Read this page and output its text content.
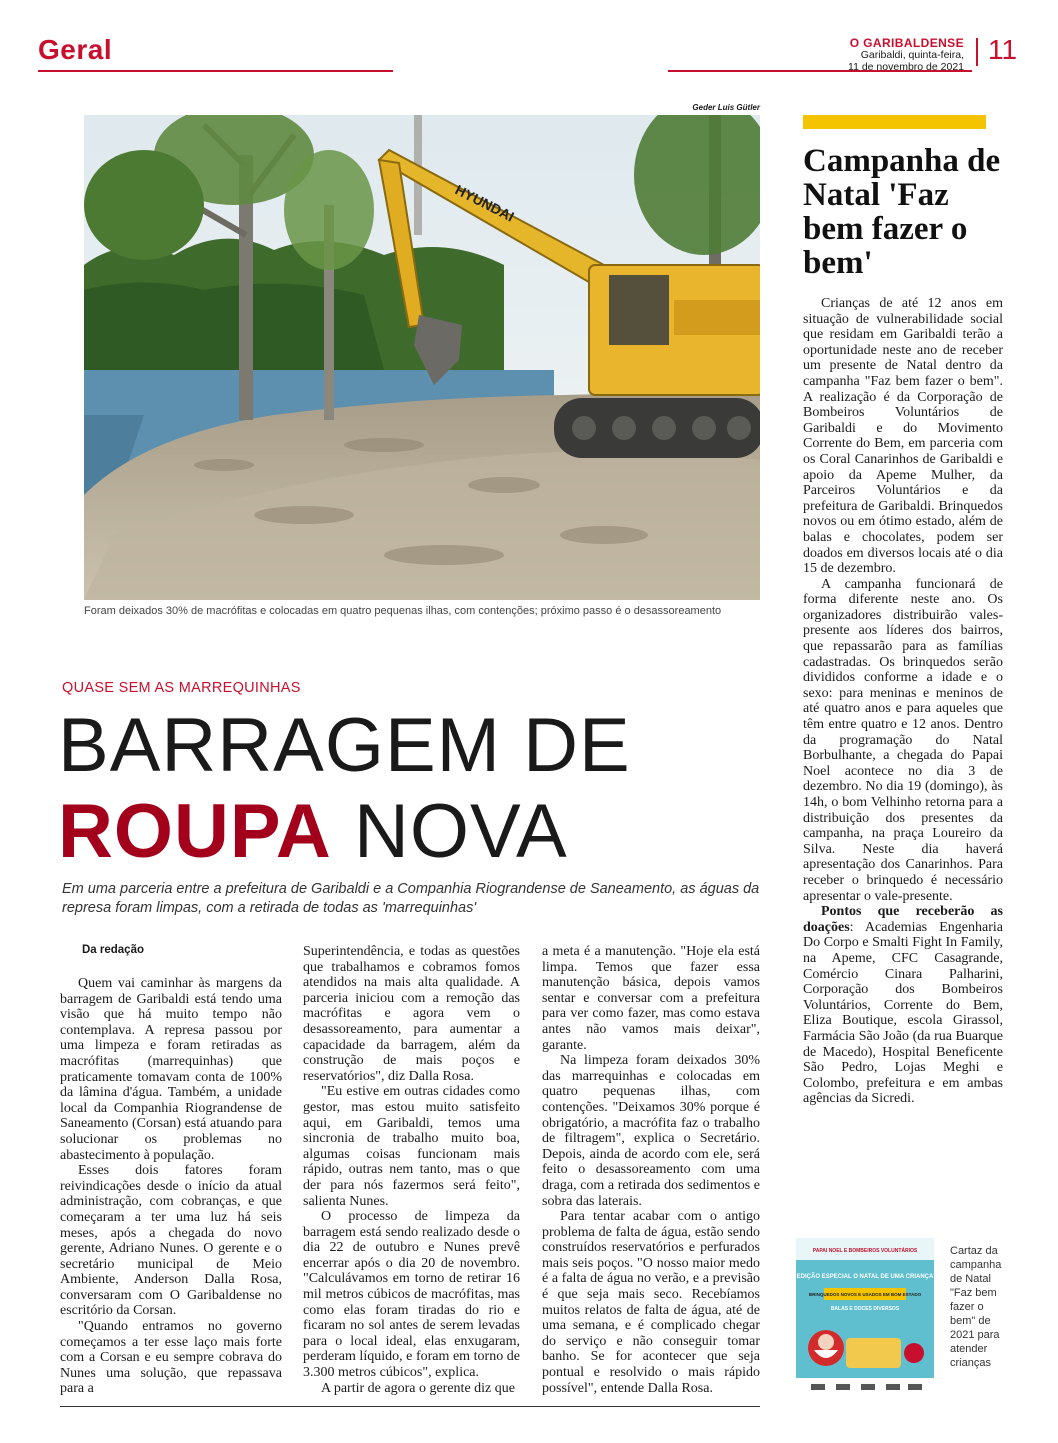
Geral	O GARIBALDENSE
Garibaldi, quinta-feira,
11 de novembro de 2021
11
Geder Luis Gütler
HYUNDAI
Foram deixados 30% de macrófitas e colocadas em quatro pequenas ilhas, com contenções; próximo passo é o desassoreamento
QUASE SEM AS MARREQUINHAS
BARRAGEM DE
ROUPA NOVA
Em uma parceria entre a prefeitura de Garibaldi e a Companhia Riograndense de Saneamento, as águas da represa foram limpas, com a retirada de todas as 'marrequinhas'
Da redação

Quem vai caminhar às margens da barragem de Garibaldi está tendo uma visão que há muito tempo não contemplava. A represa passou por uma limpeza e foram retiradas as macrófitas (marrequinhas) que praticamente tomavam conta de 100% da lâmina d'água. Também, a unidade local da Companhia Riograndense de Saneamento (Corsan) está atuando para solucionar os problemas no abastecimento à população.

Esses dois fatores foram reivindicações desde o início da atual administração, com cobranças, e que começaram a ter uma luz há seis meses, após a chegada do novo gerente, Adriano Nunes. O gerente e o secretário municipal de Meio Ambiente, Anderson Dalla Rosa, conversaram com O Garibaldense no escritório da Corsan.

"Quando entramos no governo começamos a ter esse laço mais forte com a Corsan e eu sempre cobrava do Nunes uma solução, que repassava para a

Superintendência, e todas as questões que trabalhamos e cobramos fomos atendidos na mais alta qualidade. A parceria iniciou com a remoção das macrófitas e agora vem o desassoreamento, para aumentar a capacidade da barragem, além da construção de mais poços e reservatórios", diz Dalla Rosa.

"Eu estive em outras cidades como gestor, mas estou muito satisfeito aqui, em Garibaldi, temos uma sincronia de trabalho muito boa, algumas coisas funcionam mais rápido, outras nem tanto, mas o que der para nós fazermos será feito", salienta Nunes.

O processo de limpeza da barragem está sendo realizado desde o dia 22 de outubro e Nunes prevê encerrar após o dia 20 de novembro. "Calculávamos em torno de retirar 16 mil metros cúbicos de macrófitas, mas como elas foram tiradas do rio e ficaram no sol antes de serem levadas para o local ideal, elas enxugaram, perderam líquido, e foram em torno de 3.300 metros cúbicos", explica.

A partir de agora o gerente diz que

a meta é a manutenção. "Hoje ela está limpa. Temos que fazer essa manutenção básica, depois vamos sentar e conversar com a prefeitura para ver como fazer, mas como estava antes não vamos mais deixar", garante.

Na limpeza foram deixados 30% das marrequinhas e colocadas em quatro pequenas ilhas, com contenções. "Deixamos 30% porque é obrigatório, a macrófita faz o trabalho de filtragem", explica o Secretário. Depois, ainda de acordo com ele, será feito o desassoreamento com uma draga, com a retirada dos sedimentos e sobra das laterais.

Para tentar acabar com o antigo problema de falta de água, estão sendo construídos reservatórios e perfurados mais seis poços. "O nosso maior medo é a falta de água no verão, e a previsão é que seja mais seco. Recebíamos muitos relatos de falta de água, até de uma semana, e é complicado chegar do serviço e não conseguir tomar banho. Se for acontecer que seja pontual e resolvido o mais rápido possível", entende Dalla Rosa.

Campanha de Natal 'Faz bem fazer o bem'

Crianças de até 12 anos em situação de vulnerabilidade social que residam em Garibaldi terão a oportunidade neste ano de receber um presente de Natal dentro da campanha "Faz bem fazer o bem". A realização é da Corporação de Bombeiros Voluntários de Garibaldi e do Movimento Corrente do Bem, em parceria com os Coral Canarinhos de Garibaldi e apoio da Apeme Mulher, da Parceiros Voluntários e da prefeitura de Garibaldi. Brinquedos novos ou em ótimo estado, além de balas e chocolates, podem ser doados em diversos locais até o dia 15 de dezembro.

A campanha funcionará de forma diferente neste ano. Os organizadores distribuirão vales-presente aos líderes dos bairros, que repassarão para as famílias cadastradas. Os brinquedos serão divididos conforme a idade e o sexo: para meninas e meninos de até quatro anos e para aqueles que têm entre quatro e 12 anos. Dentro da programação do Natal Borbulhante, a chegada do Papai Noel acontece no dia 3 de dezembro. No dia 19 (domingo), às 14h, o bom Velhinho retorna para a distribuição dos presentes da campanha, na praça Loureiro da Silva. Neste dia haverá apresentação dos Canarinhos. Para receber o brinquedo é necessário apresentar o vale-presente.

Pontos que receberão as doações: Academias Engenharia Do Corpo e Smalti Fight In Family, na Apeme, CFC Casagrande, Comércio Cinara Palharini, Corporação dos Bombeiros Voluntários, Corrente do Bem, Eliza Boutique, escola Girassol, Farmácia São João (da rua Buarque de Macedo), Hospital Beneficente São Pedro, Lojas Meghi e Colombo, prefeitura e em ambas agências da Sicredi.

PAPAI NOEL E BOMBEIROS VOLUNTÁRIOS
EDIÇÃO ESPECIAL O NATAL DE UMA CRIANÇA
BRINQUEDOS NOVOS E USADOS EM BOM ESTADO
BALAS E DOCES DIVERSOS
Cartaz da campanha de Natal "Faz bem fazer o bem" de 2021 para atender crianças
